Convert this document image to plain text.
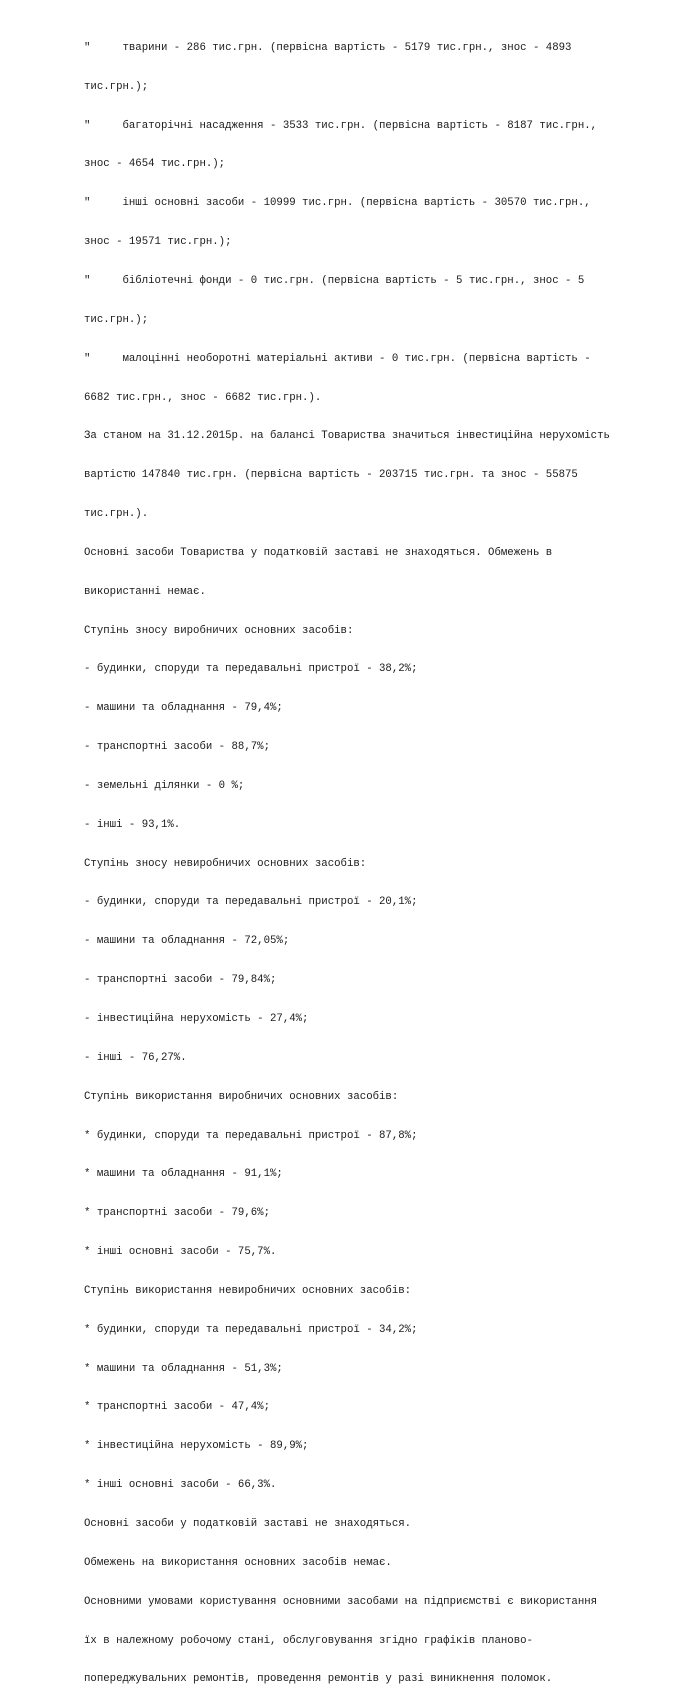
"     тварини - 286 тис.грн. (первісна вартість - 5179 тис.грн., знос - 4893

тис.грн.);

"     багаторічні насадження - 3533 тис.грн. (первісна вартість - 8187 тис.грн.,

знос - 4654 тис.грн.);

"     інші основні засоби - 10999 тис.грн. (первісна вартість - 30570 тис.грн.,

знос - 19571 тис.грн.);

"     бібліотечні фонди - 0 тис.грн. (первісна вартість - 5 тис.грн., знос - 5

тис.грн.);

"     малоцінні необоротні матеріальні активи - 0 тис.грн. (первісна вартість -

6682 тис.грн., знос - 6682 тис.грн.).

За станом на 31.12.2015р. на балансі Товариства значиться інвестиційна нерухомість

вартістю 147840 тис.грн. (первісна вартість - 203715 тис.грн. та знос - 55875

тис.грн.).

Основні засоби Товариства у податковій заставі не знаходяться. Обмежень в

використанні немає.

Ступінь зносу виробничих основних засобів:

- будинки, споруди та передавальні пристрої - 38,2%;

- машини та обладнання - 79,4%;

- транспортні засоби - 88,7%;

- земельні ділянки - 0 %;

- інші - 93,1%.

Ступінь зносу невиробничих основних засобів:

- будинки, споруди та передавальні пристрої - 20,1%;

- машини та обладнання - 72,05%;

- транспортні засоби - 79,84%;

- інвестиційна нерухомість - 27,4%;

- інші - 76,27%.

Ступінь використання виробничих основних засобів:

* будинки, споруди та передавальні пристрої - 87,8%;

* машини та обладнання - 91,1%;

* транспортні засоби - 79,6%;

* інші основні засоби - 75,7%.

Ступінь використання невиробничих основних засобів:

* будинки, споруди та передавальні пристрої - 34,2%;

* машини та обладнання - 51,3%;

* транспортні засоби - 47,4%;

* інвестиційна нерухомість - 89,9%;

* інші основні засоби - 66,3%.

Основні засоби у податковій заставі не знаходяться.

Обмежень на використання основних засобів немає.

Основними умовами користування основними засобами на підприємстві є використання

їх в належному робочому стані, обслуговування згідно графіків планово-

попереджувальних ремонтів, проведення ремонтів у разі виникнення поломок.
